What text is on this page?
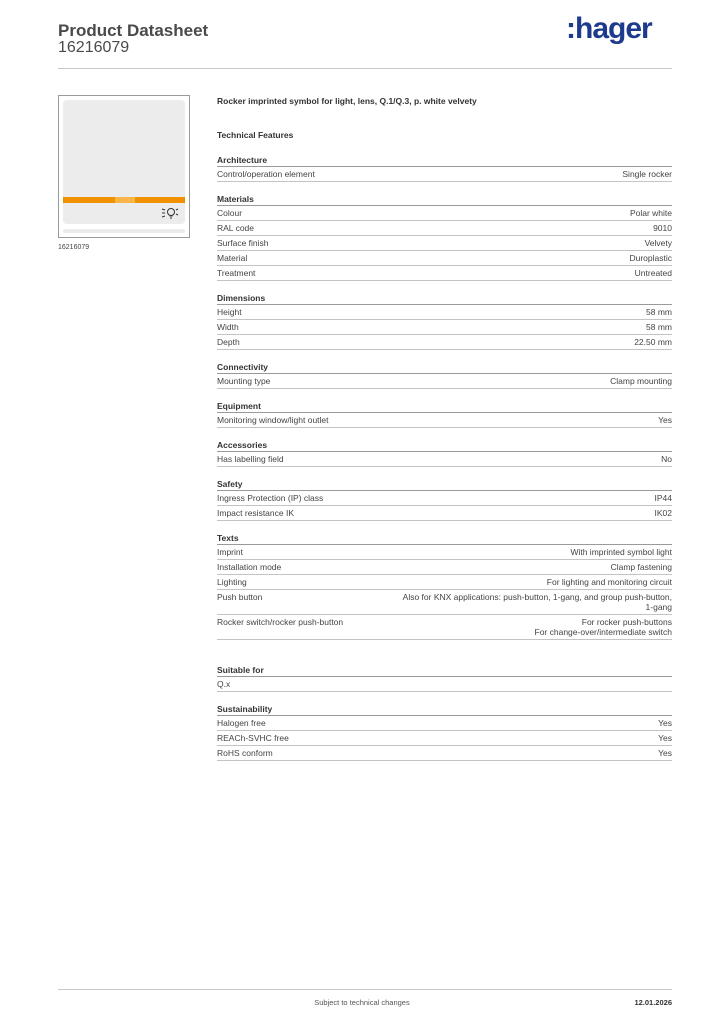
Product Datasheet
16216079
:hager
16216079
Rocker imprinted symbol for light, lens, Q.1/Q.3, p. white velvety
Technical Features
Architecture
Control/operation element	Single rocker
Materials
Colour	Polar white
RAL code	9010
Surface finish	Velvety
Material	Duroplastic
Treatment	Untreated
Dimensions
Height	58 mm
Width	58 mm
Depth	22.50 mm
Connectivity
Mounting type	Clamp mounting
Equipment
Monitoring window/light outlet	Yes
Accessories
Has labelling field	No
Safety
Ingress Protection (IP) class	IP44
Impact resistance IK	IK02
Texts
Imprint	With imprinted symbol light
Installation mode	Clamp fastening
Lighting	For lighting and monitoring circuit
Push button	Also for KNX applications: push-button, 1-gang, and group push-button,
1-gang
Rocker switch/rocker push-button	For rocker push-buttons
For change-over/intermediate switch
Suitable for
Q.x
Sustainability
Halogen free	Yes
REACh-SVHC free	Yes
RoHS conform	Yes
Subject to technical changes	12.01.2026
